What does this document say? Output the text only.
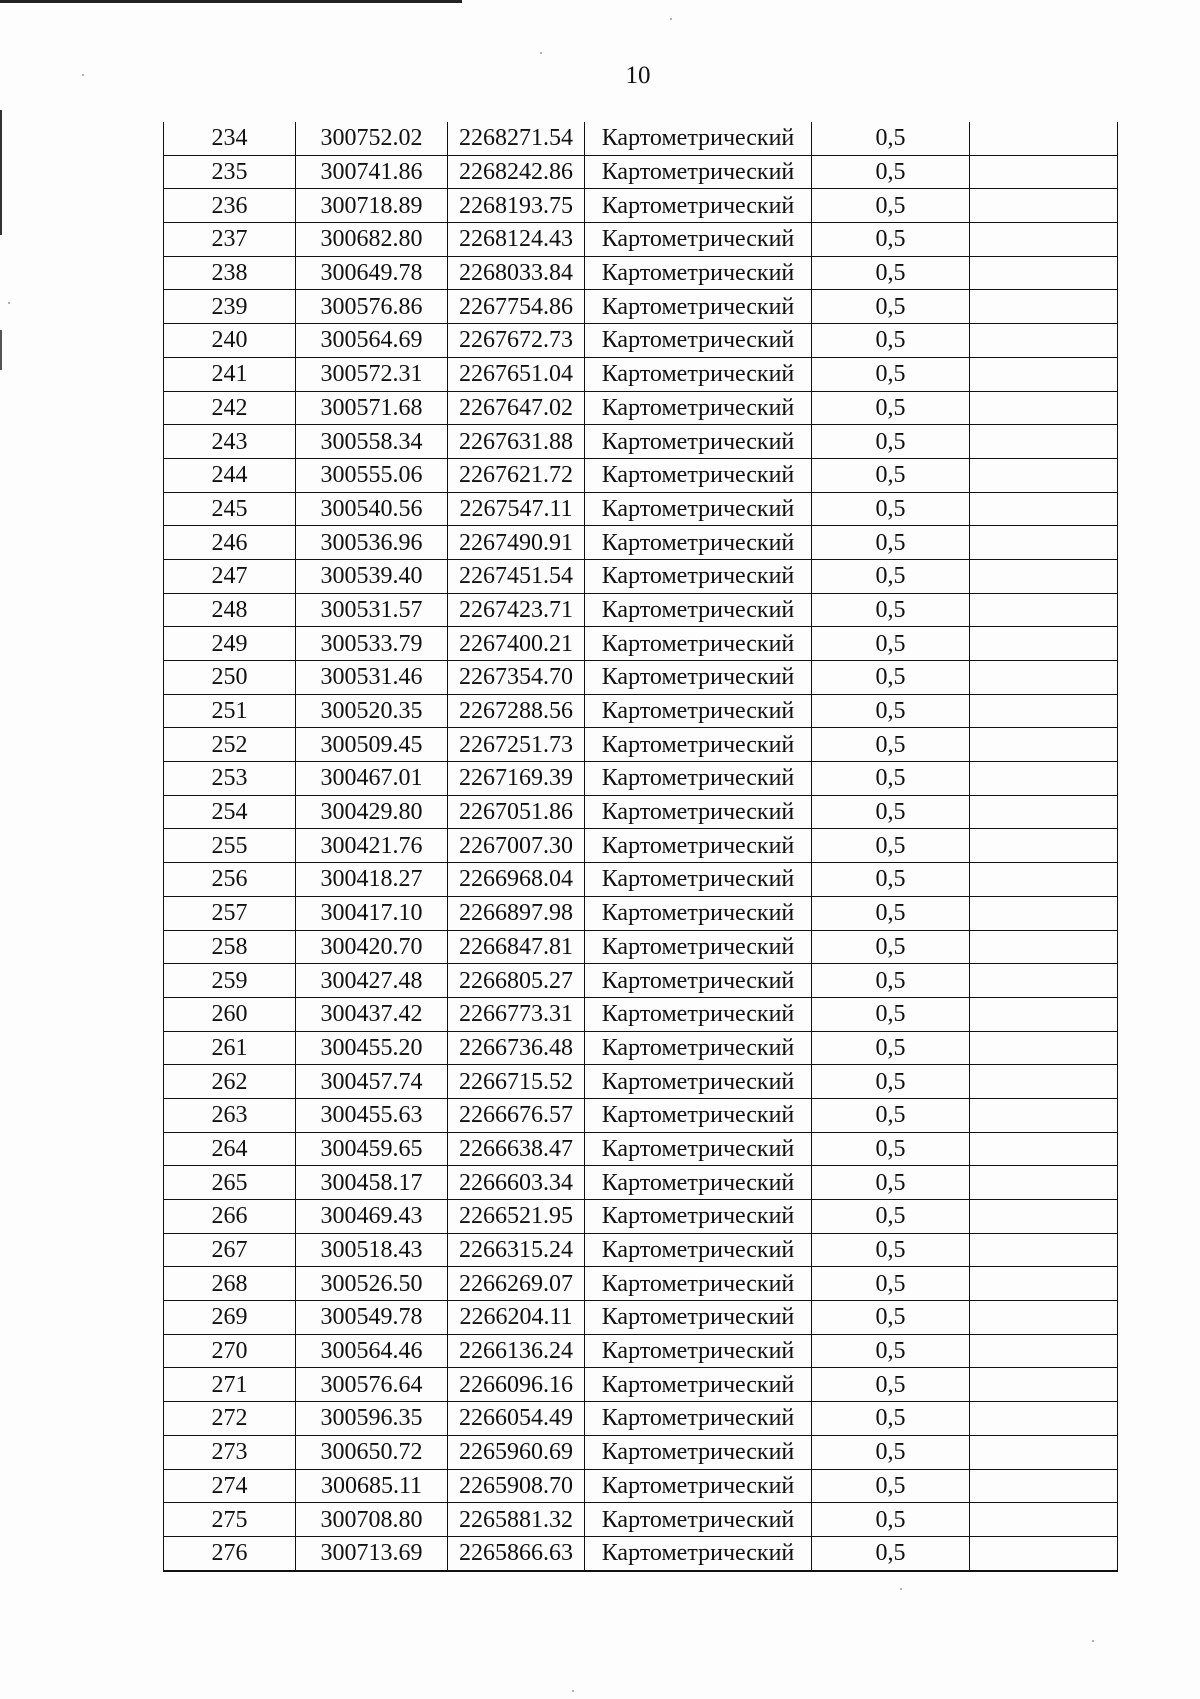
10
234	300752.02	2268271.54	Картометрический	0,5	
235	300741.86	2268242.86	Картометрический	0,5	
236	300718.89	2268193.75	Картометрический	0,5	
237	300682.80	2268124.43	Картометрический	0,5	
238	300649.78	2268033.84	Картометрический	0,5	
239	300576.86	2267754.86	Картометрический	0,5	
240	300564.69	2267672.73	Картометрический	0,5	
241	300572.31	2267651.04	Картометрический	0,5	
242	300571.68	2267647.02	Картометрический	0,5	
243	300558.34	2267631.88	Картометрический	0,5	
244	300555.06	2267621.72	Картометрический	0,5	
245	300540.56	2267547.11	Картометрический	0,5	
246	300536.96	2267490.91	Картометрический	0,5	
247	300539.40	2267451.54	Картометрический	0,5	
248	300531.57	2267423.71	Картометрический	0,5	
249	300533.79	2267400.21	Картометрический	0,5	
250	300531.46	2267354.70	Картометрический	0,5	
251	300520.35	2267288.56	Картометрический	0,5	
252	300509.45	2267251.73	Картометрический	0,5	
253	300467.01	2267169.39	Картометрический	0,5	
254	300429.80	2267051.86	Картометрический	0,5	
255	300421.76	2267007.30	Картометрический	0,5	
256	300418.27	2266968.04	Картометрический	0,5	
257	300417.10	2266897.98	Картометрический	0,5	
258	300420.70	2266847.81	Картометрический	0,5	
259	300427.48	2266805.27	Картометрический	0,5	
260	300437.42	2266773.31	Картометрический	0,5	
261	300455.20	2266736.48	Картометрический	0,5	
262	300457.74	2266715.52	Картометрический	0,5	
263	300455.63	2266676.57	Картометрический	0,5	
264	300459.65	2266638.47	Картометрический	0,5	
265	300458.17	2266603.34	Картометрический	0,5	
266	300469.43	2266521.95	Картометрический	0,5	
267	300518.43	2266315.24	Картометрический	0,5	
268	300526.50	2266269.07	Картометрический	0,5	
269	300549.78	2266204.11	Картометрический	0,5	
270	300564.46	2266136.24	Картометрический	0,5	
271	300576.64	2266096.16	Картометрический	0,5	
272	300596.35	2266054.49	Картометрический	0,5	
273	300650.72	2265960.69	Картометрический	0,5	
274	300685.11	2265908.70	Картометрический	0,5	
275	300708.80	2265881.32	Картометрический	0,5	
276	300713.69	2265866.63	Картометрический	0,5	
